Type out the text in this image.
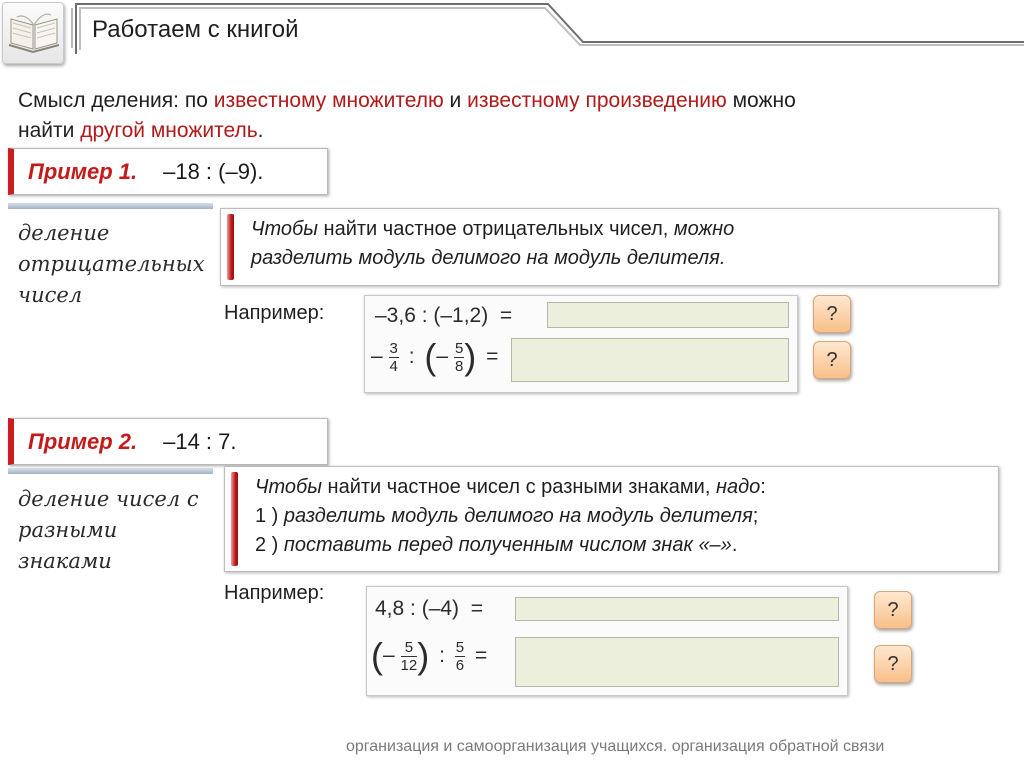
Работаем с книгой
Смысл деления: по известному множителю и известному произведению можно
найти другой множитель.
Пример 1. –18 : (–9).
деление
отрицательных
чисел
Чтобы найти частное отрицательных чисел, можно
разделить модуль делимого на модуль делителя.
Например: –3,6 : (–1,2)  =
– $\frac{3}{4}$ : (– $\frac{5}{8}$ ) =
?
?
Пример 2. –14 : 7.
деление чисел с
разными
знаками
Чтобы найти частное чисел с разными знаками, надо:
1 ) разделить модуль делимого на модуль делителя;
2 ) поставить перед полученным числом знак «–».
Например:
4,8 : (–4)  =
(– $\frac{5}{12}$ ) : $\frac{5}{6}$ =
?
?
организация и самоорганизация учащихся. организация обратной связи
